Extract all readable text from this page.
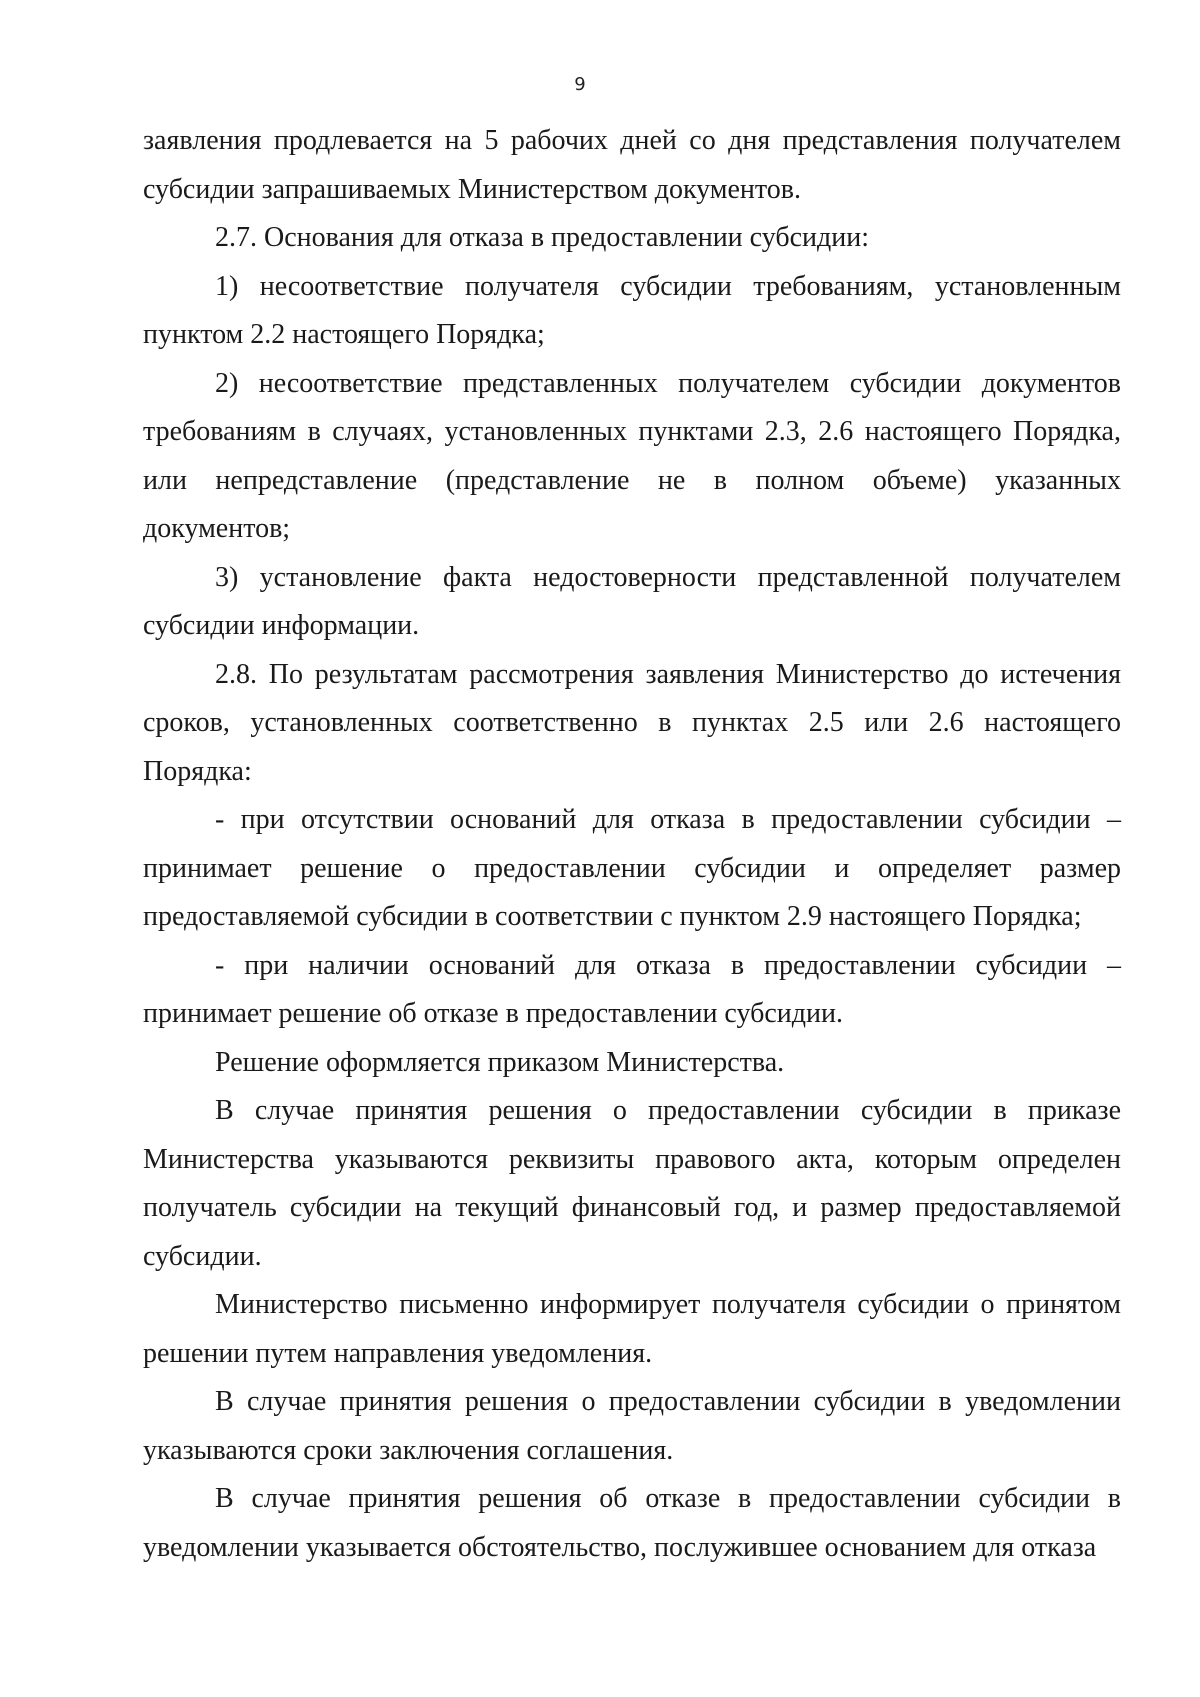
9

заявления продлевается на 5 рабочих дней со дня представления получателем субсидии запрашиваемых Министерством документов.

2.7. Основания для отказа в предоставлении субсидии:

1) несоответствие получателя субсидии требованиям, установленным пунктом 2.2 настоящего Порядка;

2) несоответствие представленных получателем субсидии документов требованиям в случаях, установленных пунктами 2.3, 2.6 настоящего Порядка, или непредставление (представление не в полном объеме) указанных документов;

3) установление факта недостоверности представленной получателем субсидии информации.

2.8. По результатам рассмотрения заявления Министерство до истечения сроков, установленных соответственно в пунктах 2.5 или 2.6 настоящего Порядка:

- при отсутствии оснований для отказа в предоставлении субсидии – принимает решение о предоставлении субсидии и определяет размер предоставляемой субсидии в соответствии с пунктом 2.9 настоящего Порядка;

- при наличии оснований для отказа в предоставлении субсидии – принимает решение об отказе в предоставлении субсидии.

Решение оформляется приказом Министерства.

В случае принятия решения о предоставлении субсидии в приказе Министерства указываются реквизиты правового акта, которым определен получатель субсидии на текущий финансовый год, и размер предоставляемой субсидии.

Министерство письменно информирует получателя субсидии о принятом решении путем направления уведомления.

В случае принятия решения о предоставлении субсидии в уведомлении указываются сроки заключения соглашения.

В случае принятия решения об отказе в предоставлении субсидии в уведомлении указывается обстоятельство, послужившее основанием для отказа
